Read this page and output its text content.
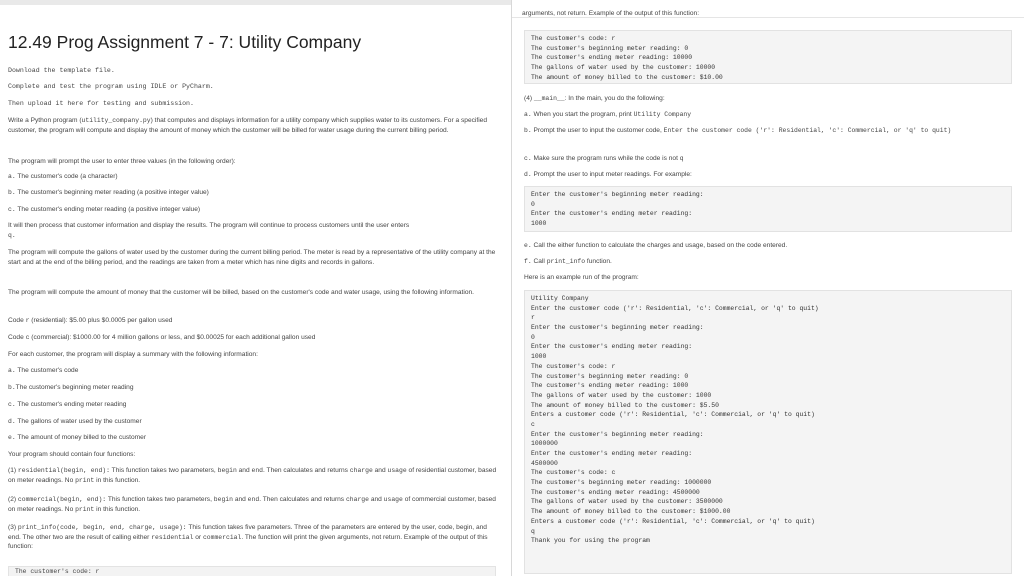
12.49 Prog Assignment 7 - 7: Utility Company

Download the template file.

Complete and test the program using IDLE or PyCharm.

Then upload it here for testing and submission.

Write a Python program (utility_company.py) that computes and displays information for a utility company which supplies water to its customers. For a specified customer, the program will compute and display the amount of money which the customer will be billed for water usage during the current billing period.

The program will prompt the user to enter three values (in the following order):

a. The customer's code (a character)

b. The customer's beginning meter reading (a positive integer value)

c. The customer's ending meter reading (a positive integer value)

It will then process that customer information and display the results. The program will continue to process customers until the user enters
q.

The program will compute the gallons of water used by the customer during the current billing period. The meter is read by a representative of the utility company at the start and at the end of the billing period, and the readings are taken from a meter which has nine digits and records in gallons.

The program will compute the amount of money that the customer will be billed, based on the customer's code and water usage, using the following information.

Code r (residential): $5.00 plus $0.0005 per gallon used

Code c (commercial): $1000.00 for 4 million gallons or less, and $0.00025 for each additional gallon used

For each customer, the program will display a summary with the following information:

a. The customer's code

b.The customer's beginning meter reading

c. The customer's ending meter reading

d. The gallons of water used by the customer

e. The amount of money billed to the customer

Your program should contain four functions:

(1) residential(begin, end): This function takes two parameters, begin and end. Then calculates and returns charge and usage of residential customer, based on meter readings. No print in this function.

(2) commercial(begin, end): This function takes two parameters, begin and end. Then calculates and returns charge and usage of commercial customer, based on meter readings. No print in this function.

(3) print_info(code, begin, end, charge, usage): This function takes five parameters. Three of the parameters are entered by the user, code, begin, and end. The other two are the result of calling either residential or commercial. The function will print the given arguments, not return. Example of the output of this function:

The customer's code: r
arguments, not return. Example of the output of this function:
The customer's code: r
The customer's beginning meter reading: 0
The customer's ending meter reading: 10000
The gallons of water used by the customer: 10000
The amount of money billed to the customer: $10.00

(4) __main__: In the main, you do the following:

a. When you start the program, print Utility Company

b. Prompt the user to input the customer code, Enter the customer code ('r': Residential, 'c': Commercial, or 'q' to quit)

c. Make sure the program runs while the code is not q

d. Prompt the user to input meter readings. For example:

Enter the customer's beginning meter reading:
0
Enter the customer's ending meter reading:
1000

e. Call the either function to calculate the charges and usage, based on the code entered.

f. Call print_info function.

Here is an example run of the program:

Utility Company
Enter the customer code ('r': Residential, 'c': Commercial, or 'q' to quit)
r
Enter the customer's beginning meter reading:
0
Enter the customer's ending meter reading:
1000
The customer's code: r
The customer's beginning meter reading: 0
The customer's ending meter reading: 1000
The gallons of water used by the customer: 1000
The amount of money billed to the customer: $5.50
Enters a customer code ('r': Residential, 'c': Commercial, or 'q' to quit)
c
Enter the customer's beginning meter reading:
1000000
Enter the customer's ending meter reading:
4500000
The customer's code: c
The customer's beginning meter reading: 1000000
The customer's ending meter reading: 4500000
The gallons of water used by the customer: 3500000
The amount of money billed to the customer: $1000.00
Enters a customer code ('r': Residential, 'c': Commercial, or 'q' to quit)
q
Thank you for using the program
